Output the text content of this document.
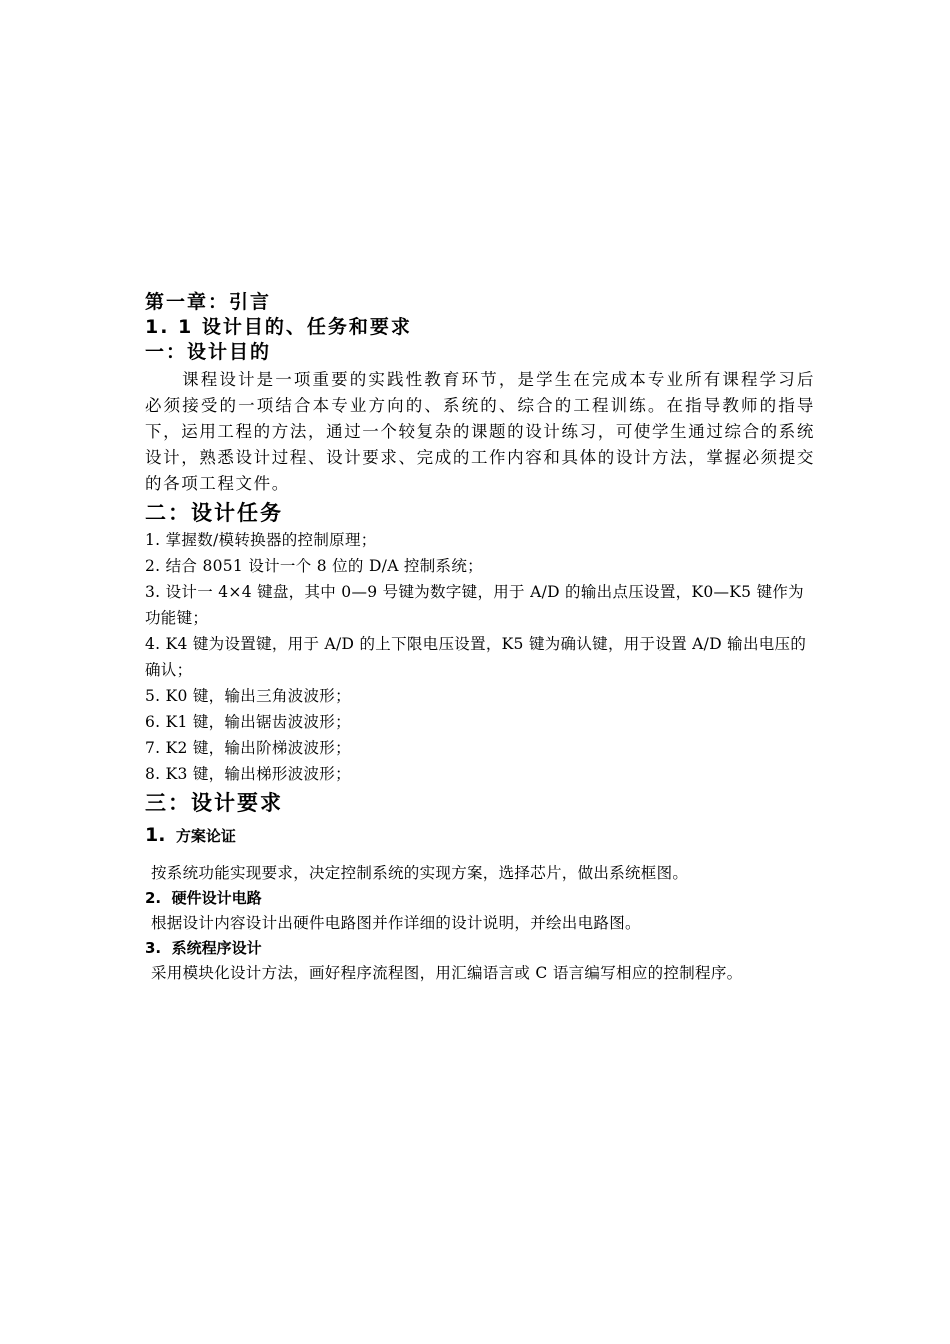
第一章：引言
1. 1 设计目的、任务和要求
一：设计目的

课程设计是一项重要的实践性教育环节，是学生在完成本专业所有课程学习后必须接受的一项结合本专业方向的、系统的、综合的工程训练。在指导教师的指导下，运用工程的方法，通过一个较复杂的课题的设计练习，可使学生通过综合的系统设计，熟悉设计过程、设计要求、完成的工作内容和具体的设计方法，掌握必须提交的各项工程文件。

二：设计任务

1. 掌握数/模转换器的控制原理；

2. 结合 8051 设计一个 8 位的 D/A 控制系统；

3. 设计一 4×4 键盘，其中 0—9 号键为数字键，用于 A/D 的输出点压设置，K0—K5 键作为功能键；

4. K4 键为设置键，用于 A/D 的上下限电压设置，K5 键为确认键，用于设置 A/D 输出电压的确认；

5. K0 键，输出三角波波形；

6. K1 键，输出锯齿波波形；

7. K2 键，输出阶梯波波形；

8. K3 键，输出梯形波波形；

三：设计要求

1. 方案论证

按系统功能实现要求，决定控制系统的实现方案，选择芯片，做出系统框图。

2. 硬件设计电路

根据设计内容设计出硬件电路图并作详细的设计说明，并绘出电路图。

3. 系统程序设计

采用模块化设计方法，画好程序流程图，用汇编语言或 C 语言编写相应的控制程序。
